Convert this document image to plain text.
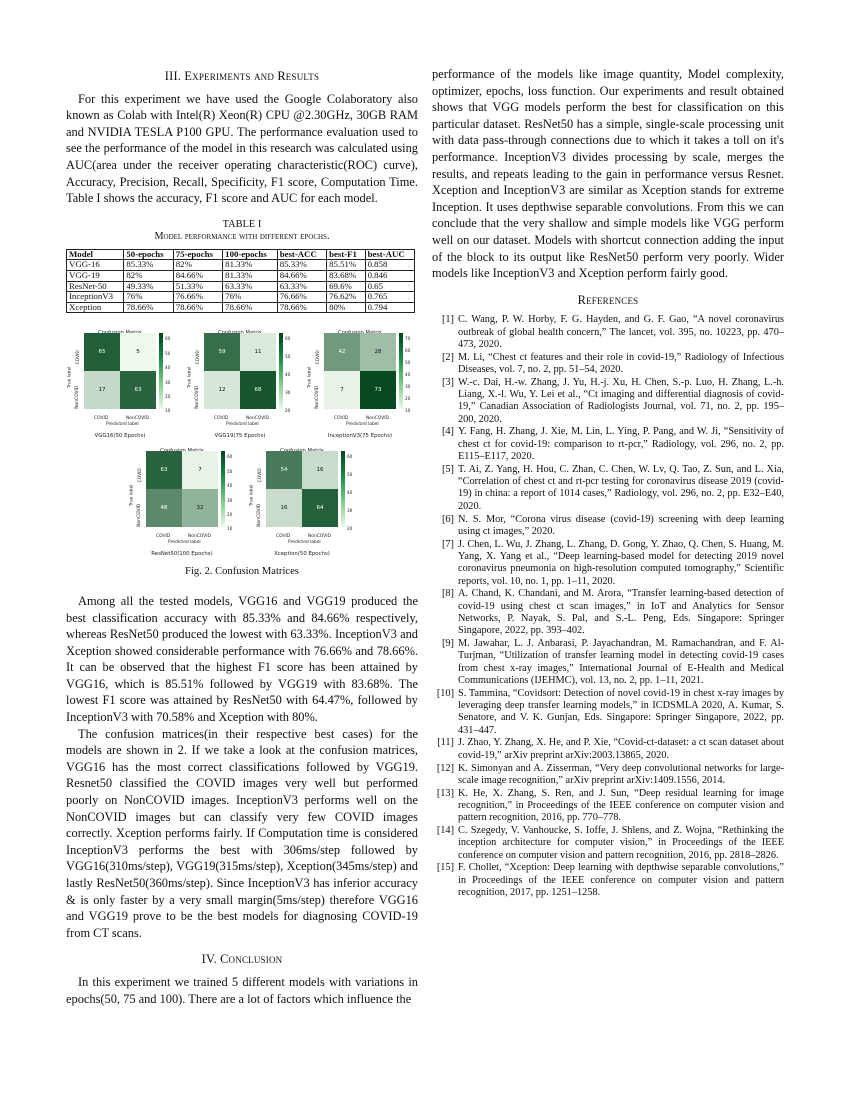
III. Experiments and Results

For this experiment we have used the Google Colaboratory also known as Colab with Intel(R) Xeon(R) CPU @2.30GHz, 30GB RAM and NVIDIA TESLA P100 GPU. The performance evaluation used to see the performance of the model in this research was calculated using AUC(area under the receiver operating characteristic(ROC) curve), Accuracy, Precision, Recall, Specificity, F1 score, Computation Time. Table I shows the accuracy, F1 score and AUC for each model.

TABLE I
Model performance with different epochs.
Model	50-epochs	75-epochs	100-epochs	best-ACC	best-F1	best-AUC
VGG-16	85.33%	82%	81.33%	85.33%	85.51%	0.858
VGG-19	82%	84.66%	81.33%	84.66%	83.68%	0.846
ResNet-50	49.33%	51.33%	63.33%	63.33%	69.6%	0.65
InceptionV3	76%	76.66%	76%	76.66%	76.62%	0.765
Xception	78.66%	78.66%	78.66%	78.66%	80%	0.794
65	5
17	63
True label
COVID
NonCOVID
COVID	NonCOVID
Predicted label
60
50
40
30
20
10
VGG16(50 Epochs)
59	11
12	68
True label
COVID
NonCOVID
COVID	NonCOVID
Predicted label
60
50
40
30
20
VGG19(75 Epochs)
42	28
7	73
True label
COVID
NonCOVID
COVID	NonCOVID
Predicted label
70
60
50
40
30
20
10
InceptionV3(75 Epochs)
63	7
48	32
True label
COVID
NonCOVID
COVID	NonCOVID
Predicted label
60
50
40
30
20
10
ResNet50(100 Epochs)
54	16
16	64
True label
COVID
NonCOVID
COVID	NonCOVID
Predicted label
60
50
40
30
20
Xception(50 Epochs)
Fig. 2. Confusion Matrices

Among all the tested models, VGG16 and VGG19 produced the best classification accuracy with 85.33% and 84.66% respectively, whereas ResNet50 produced the lowest with 63.33%. InceptionV3 and Xception showed considerable performance with 76.66% and 78.66%. It can be observed that the highest F1 score has been attained by VGG16, which is 85.51% followed by VGG19 with 83.68%. The lowest F1 score was attained by ResNet50 with 64.47%, followed by InceptionV3 with 70.58% and Xception with 80%.

The confusion matrices(in their respective best cases) for the models are shown in 2. If we take a look at the confusion matrices, VGG16 has the most correct classifications followed by VGG19. Resnet50 classified the COVID images very well but performed poorly on NonCOVID images. InceptionV3 performs well on the NonCOVID images but can classify very few COVID images correctly. Xception performs fairly. If Computation time is considered InceptionV3 performs the best with 306ms/step followed by VGG16(310ms/step), VGG19(315ms/step), Xception(345ms/step) and lastly ResNet50(360ms/step). Since InceptionV3 has inferior accuracy & is only faster by a very small margin(5ms/step) therefore VGG16 and VGG19 prove to be the best models for diagnosing COVID-19 from CT scans.

IV. Conclusion

In this experiment we trained 5 different models with variations in epochs(50, 75 and 100). There are a lot of factors which influence the

performance of the models like image quantity, Model complexity, optimizer, epochs, loss function. Our experiments and result obtained shows that VGG models perform the best for classification on this particular dataset. ResNet50 has a simple, single-scale processing unit with data pass-through connections due to which it takes a toll on it's performance. InceptionV3 divides processing by scale, merges the results, and repeats leading to the gain in performance versus Resnet. Xception and InceptionV3 are similar as Xception stands for extreme Inception. It uses depthwise separable convolutions. From this we can conclude that the very shallow and simple models like VGG perform well on our dataset. Models with shortcut connection adding the input of the block to its output like ResNet50 perform very poorly. Wider models like InceptionV3 and Xception perform fairly good.

References
[1] C. Wang, P. W. Horby, F. G. Hayden, and G. F. Gao, “A novel coronavirus outbreak of global health concern,” The lancet, vol. 395, no. 10223, pp. 470–473, 2020.
[2] M. Li, “Chest ct features and their role in covid-19,” Radiology of Infectious Diseases, vol. 7, no. 2, pp. 51–54, 2020.
[3] W.-c. Dai, H.-w. Zhang, J. Yu, H.-j. Xu, H. Chen, S.-p. Luo, H. Zhang, L.-h. Liang, X.-l. Wu, Y. Lei et al., “Ct imaging and differential diagnosis of covid-19,” Canadian Association of Radiologists Journal, vol. 71, no. 2, pp. 195–200, 2020.
[4] Y. Fang, H. Zhang, J. Xie, M. Lin, L. Ying, P. Pang, and W. Ji, “Sensitivity of chest ct for covid-19: comparison to rt-pcr,” Radiology, vol. 296, no. 2, pp. E115–E117, 2020.
[5] T. Ai, Z. Yang, H. Hou, C. Zhan, C. Chen, W. Lv, Q. Tao, Z. Sun, and L. Xia, “Correlation of chest ct and rt-pcr testing for coronavirus disease 2019 (covid-19) in china: a report of 1014 cases,” Radiology, vol. 296, no. 2, pp. E32–E40, 2020.
[6] N. S. Mor, “Corona virus disease (covid-19) screening with deep learning using ct images,” 2020.
[7] J. Chen, L. Wu, J. Zhang, L. Zhang, D. Gong, Y. Zhao, Q. Chen, S. Huang, M. Yang, X. Yang et al., “Deep learning-based model for detecting 2019 novel coronavirus pneumonia on high-resolution computed tomography,” Scientific reports, vol. 10, no. 1, pp. 1–11, 2020.
[8] A. Chand, K. Chandani, and M. Arora, “Transfer learning-based detection of covid-19 using chest ct scan images,” in IoT and Analytics for Sensor Networks, P. Nayak, S. Pal, and S.-L. Peng, Eds. Singapore: Springer Singapore, 2022, pp. 393–402.
[9] M. Jawahar, L. J. Anbarasi, P. Jayachandran, M. Ramachandran, and F. Al-Turjman, “Utilization of transfer learning model in detecting covid-19 cases from chest x-ray images,” International Journal of E-Health and Medical Communications (IJEHMC), vol. 13, no. 2, pp. 1–11, 2021.
[10] S. Tammina, “Covidsort: Detection of novel covid-19 in chest x-ray images by leveraging deep transfer learning models,” in ICDSMLA 2020, A. Kumar, S. Senatore, and V. K. Gunjan, Eds. Singapore: Springer Singapore, 2022, pp. 431–447.
[11] J. Zhao, Y. Zhang, X. He, and P. Xie, “Covid-ct-dataset: a ct scan dataset about covid-19,” arXiv preprint arXiv:2003.13865, 2020.
[12] K. Simonyan and A. Zisserman, “Very deep convolutional networks for large-scale image recognition,” arXiv preprint arXiv:1409.1556, 2014.
[13] K. He, X. Zhang, S. Ren, and J. Sun, “Deep residual learning for image recognition,” in Proceedings of the IEEE conference on computer vision and pattern recognition, 2016, pp. 770–778.
[14] C. Szegedy, V. Vanhoucke, S. Ioffe, J. Shlens, and Z. Wojna, “Rethinking the inception architecture for computer vision,” in Proceedings of the IEEE conference on computer vision and pattern recognition, 2016, pp. 2818–2826.
[15] F. Chollet, “Xception: Deep learning with depthwise separable convolutions,” in Proceedings of the IEEE conference on computer vision and pattern recognition, 2017, pp. 1251–1258.
